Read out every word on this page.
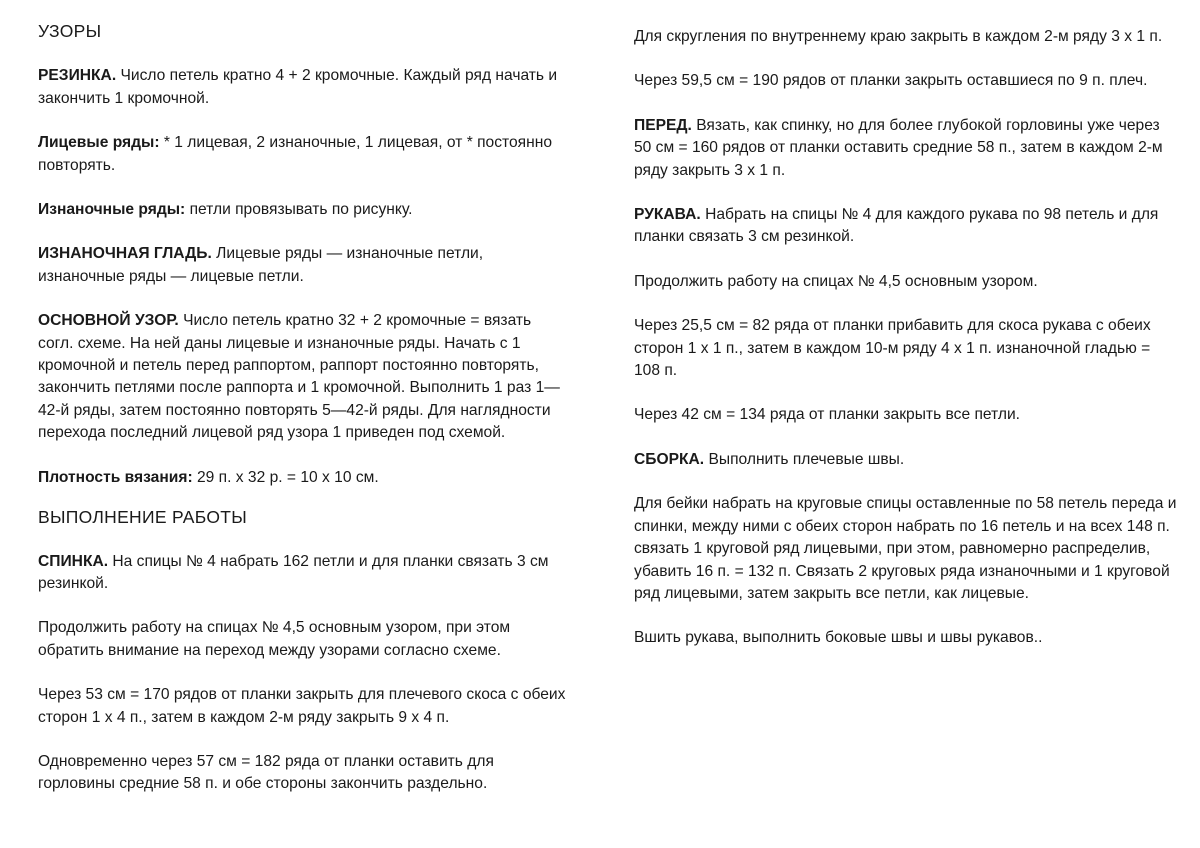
УЗОРЫ

РЕЗИНКА. Число петель кратно 4 + 2 кромочные. Каждый ряд начать и закончить 1 кромочной.

Лицевые ряды: * 1 лицевая, 2 изнаночные, 1 лицевая, от * постоянно повторять.

Изнаночные ряды: петли провязывать по рисунку.

ИЗНАНОЧНАЯ ГЛАДЬ. Лицевые ряды — изнаночные петли, изнаночные ряды — лицевые петли.

ОСНОВНОЙ УЗОР. Число петель кратно 32 + 2 кромочные = вязать согл. схеме. На ней даны лицевые и изнаночные ряды. Начать с 1 кромочной и петель перед раппортом, раппорт постоянно повторять, закончить петлями после раппорта и 1 кромочной. Выполнить 1 раз 1—42-й ряды, затем постоянно повторять 5—42-й ряды. Для наглядности перехода последний лицевой ряд узора 1 приведен под схемой.

Плотность вязания: 29 п. х 32 р. = 10 х 10 см.

ВЫПОЛНЕНИЕ РАБОТЫ

СПИНКА. На спицы № 4 набрать 162 петли и для планки связать 3 см резинкой.

Продолжить работу на спицах № 4,5 основным узором, при этом обратить внимание на переход между узорами согласно схеме.

Через 53 см = 170 рядов от планки закрыть для плечевого скоса с обеих сторон 1 х 4 п., затем в каждом 2-м ряду закрыть 9 х 4 п.

Одновременно через 57 см = 182 ряда от планки оставить для горловины средние 58 п. и обе стороны закончить раздельно.

Для скругления по внутреннему краю закрыть в каждом 2-м ряду 3 х 1 п.

Через 59,5 см = 190 рядов от планки закрыть оставшиеся по 9 п. плеч.

ПЕРЕД. Вязать, как спинку, но для более глубокой горловины уже через 50 см = 160 рядов от планки оставить средние 58 п., затем в каждом 2-м ряду закрыть 3 х 1 п.

РУКАВА. Набрать на спицы № 4 для каждого рукава по 98 петель и для планки связать 3 см резинкой.

Продолжить работу на спицах № 4,5 основным узором.

Через 25,5 см = 82 ряда от планки прибавить для скоса рукава с обеих сторон 1 х 1 п., затем в каждом 10-м ряду 4 х 1 п. изнаночной гладью = 108 п.

Через 42 см = 134 ряда от планки закрыть все петли.

СБОРКА. Выполнить плечевые швы.

Для бейки набрать на круговые спицы оставленные по 58 петель переда и спинки, между ними с обеих сторон набрать по 16 петель и на всех 148 п. связать 1 круговой ряд лицевыми, при этом, равномерно распределив, убавить 16 п. = 132 п. Связать 2 круговых ряда изнаночными и 1 круговой ряд лицевыми, затем закрыть все петли, как лицевые.

Вшить рукава, выполнить боковые швы и швы рукавов..
